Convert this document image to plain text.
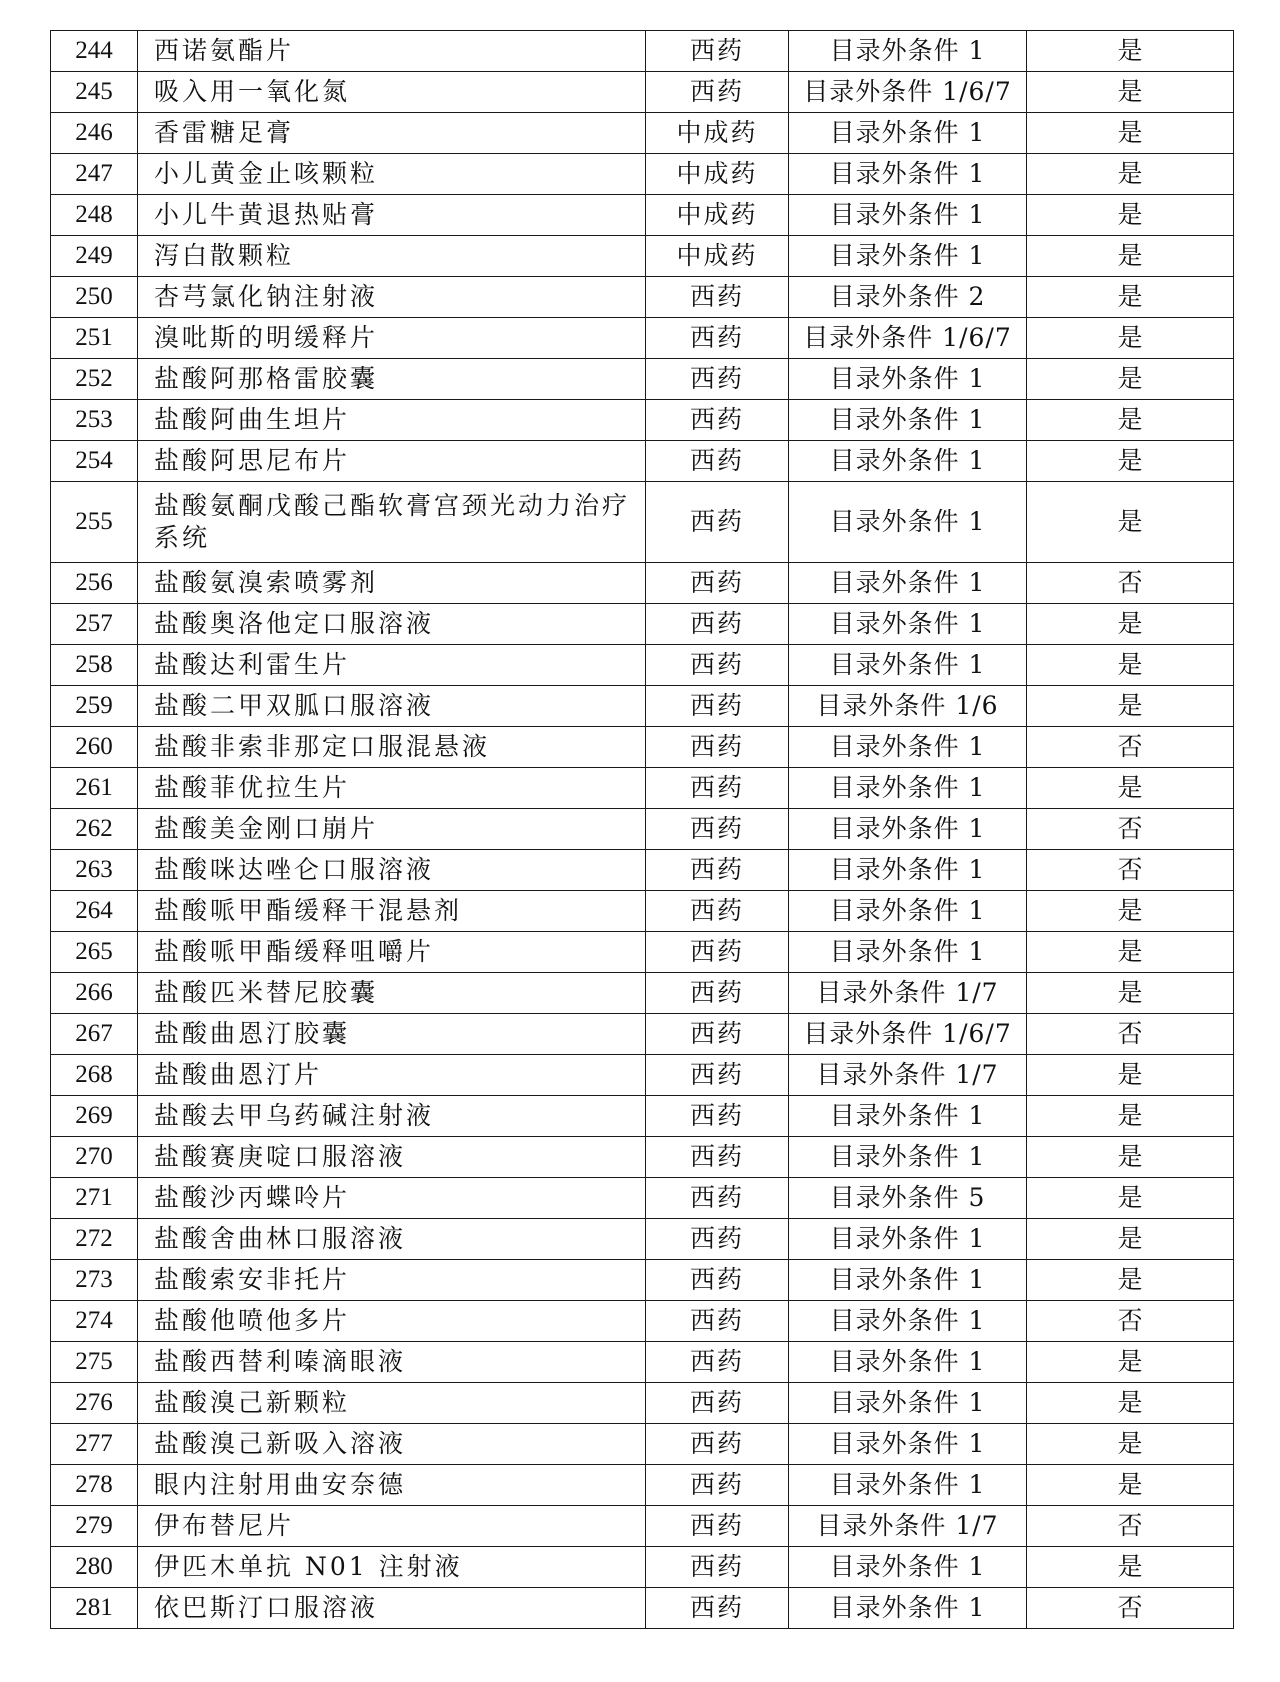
244	西诺氨酯片	西药	目录外条件 1	是
245	吸入用一氧化氮	西药	目录外条件 1/6/7	是
246	香雷糖足膏	中成药	目录外条件 1	是
247	小儿黄金止咳颗粒	中成药	目录外条件 1	是
248	小儿牛黄退热贴膏	中成药	目录外条件 1	是
249	泻白散颗粒	中成药	目录外条件 1	是
250	杏芎氯化钠注射液	西药	目录外条件 2	是
251	溴吡斯的明缓释片	西药	目录外条件 1/6/7	是
252	盐酸阿那格雷胶囊	西药	目录外条件 1	是
253	盐酸阿曲生坦片	西药	目录外条件 1	是
254	盐酸阿思尼布片	西药	目录外条件 1	是
255	盐酸氨酮戊酸己酯软膏宫颈光动力治疗系统	西药	目录外条件 1	是
256	盐酸氨溴索喷雾剂	西药	目录外条件 1	否
257	盐酸奥洛他定口服溶液	西药	目录外条件 1	是
258	盐酸达利雷生片	西药	目录外条件 1	是
259	盐酸二甲双胍口服溶液	西药	目录外条件 1/6	是
260	盐酸非索非那定口服混悬液	西药	目录外条件 1	否
261	盐酸菲优拉生片	西药	目录外条件 1	是
262	盐酸美金刚口崩片	西药	目录外条件 1	否
263	盐酸咪达唑仑口服溶液	西药	目录外条件 1	否
264	盐酸哌甲酯缓释干混悬剂	西药	目录外条件 1	是
265	盐酸哌甲酯缓释咀嚼片	西药	目录外条件 1	是
266	盐酸匹米替尼胶囊	西药	目录外条件 1/7	是
267	盐酸曲恩汀胶囊	西药	目录外条件 1/6/7	否
268	盐酸曲恩汀片	西药	目录外条件 1/7	是
269	盐酸去甲乌药碱注射液	西药	目录外条件 1	是
270	盐酸赛庚啶口服溶液	西药	目录外条件 1	是
271	盐酸沙丙蝶呤片	西药	目录外条件 5	是
272	盐酸舍曲林口服溶液	西药	目录外条件 1	是
273	盐酸索安非托片	西药	目录外条件 1	是
274	盐酸他喷他多片	西药	目录外条件 1	否
275	盐酸西替利嗪滴眼液	西药	目录外条件 1	是
276	盐酸溴己新颗粒	西药	目录外条件 1	是
277	盐酸溴己新吸入溶液	西药	目录外条件 1	是
278	眼内注射用曲安奈德	西药	目录外条件 1	是
279	伊布替尼片	西药	目录外条件 1/7	否
280	伊匹木单抗 N01 注射液	西药	目录外条件 1	是
281	依巴斯汀口服溶液	西药	目录外条件 1	否
